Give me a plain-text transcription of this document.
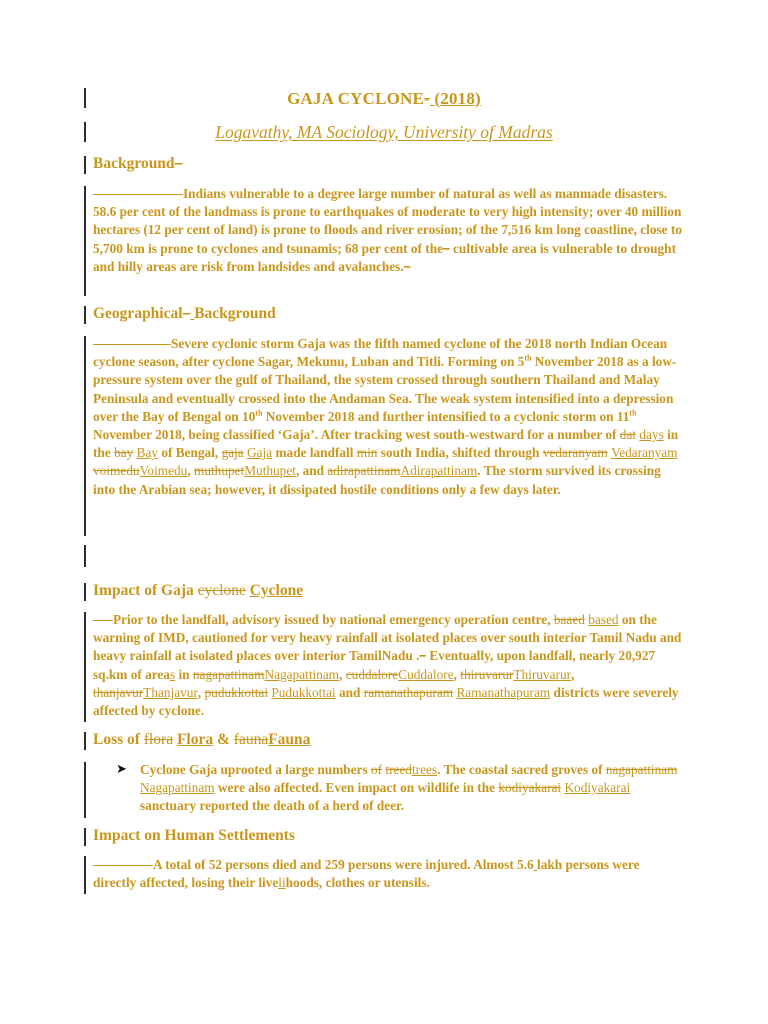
GAJA CYCLONE- (2018)
Logavathy, MA Sociology, University of Madras
Background–

Indians vulnerable to a degree large number of natural as well as manmade disasters. 58.6 per cent of the landmass is prone to earthquakes of moderate to very high intensity; over 40 million hectares (12 per cent of land) is prone to floods and river erosion; of the 7,516 km long coastline, close to 5,700 km is prone to cyclones and tsunamis; 68 per cent of the– cultivable area is vulnerable to drought and hilly areas are risk from landsides and avalanches.–

Geographical– Background

Severe cyclonic storm Gaja was the fifth named cyclone of the 2018 north Indian Ocean cyclone season, after cyclone Sagar, Mekunu, Luban and Titli. Forming on 5th November 2018 as a low-pressure system over the gulf of Thailand, the system crossed through southern Thailand and Malay Peninsula and eventually crossed into the Andaman Sea. The weak system intensified into a depression over the Bay of Bengal on 10th November 2018 and further intensified to a cyclonic storm on 11th November 2018, being classified ‘Gaja’. After tracking west south-westward for a number of dat days in the bay Bay of Bengal, gaja Gaja made landfall min south India, shifted through vedaranyam Vedaranyam voimeduVoimedu, muthupetMuthupet, and adirapattinamAdirapattinam. The storm survived its crossing into the Arabian sea; however, it dissipated hostile conditions only a few days later.

Impact of Gaja cyclone Cyclone

Prior to the landfall, advisory issued by national emergency operation centre, baaed based on the warning of IMD, cautioned for very heavy rainfall at isolated places over south interior Tamil Nadu and heavy rainfall at isolated places over interior TamilNadu .– Eventually, upon landfall, nearly 20,927 sq.km of areas in nagapattinamNagapattinam, cuddaloreCuddalore, thiruvarurThiruvarur, thanjavurThanjavur, pudukkottai Pudukkottai and ramanathapuram Ramanathapuram districts were severely affected by cyclone.

Loss of flora Flora & faunaFauna
➤ Cyclone Gaja uprooted a large numbers of treedtrees. The coastal sacred groves of nagapattinam Nagapattinam were also affected. Even impact on wildlife in the kodiyakarai Kodiyakarai sanctuary reported the death of a herd of deer.
Impact on Human Settlements

A total of 52 persons died and 259 persons were injured. Almost 5.6 lakh persons were directly affected, losing their livelihoods, clothes or utensils.
